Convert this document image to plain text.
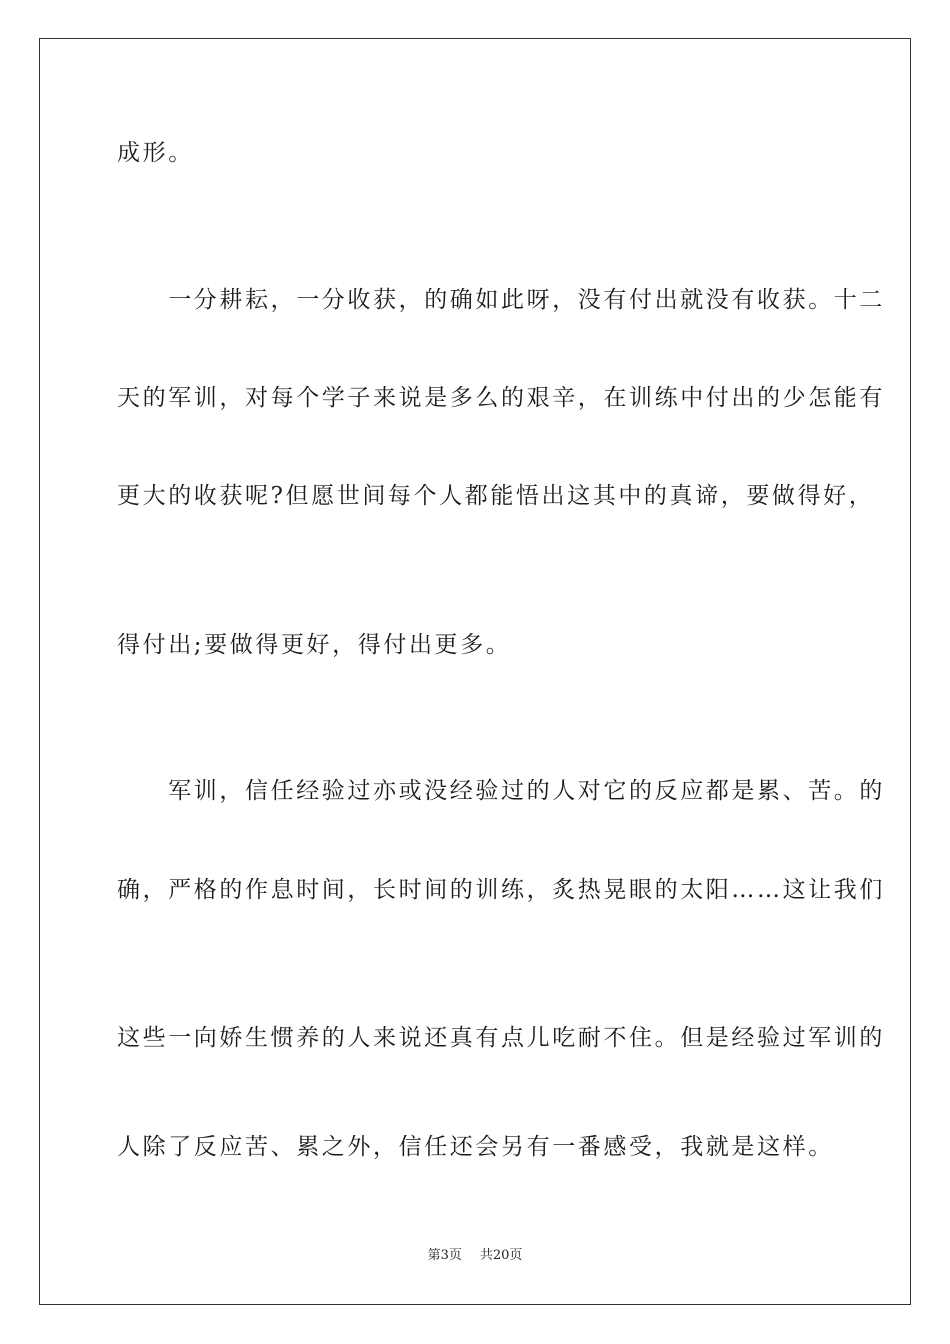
成形。
　　一分耕耘，一分收获，的确如此呀，没有付出就没有收获。十二
天的军训，对每个学子来说是多么的艰辛，在训练中付出的少怎能有
更大的收获呢?但愿世间每个人都能悟出这其中的真谛，要做得好，
得付出;要做得更好，得付出更多。
　　军训，信任经验过亦或没经验过的人对它的反应都是累、苦。的
确，严格的作息时间，长时间的训练，炙热晃眼的太阳……这让我们
这些一向娇生惯养的人来说还真有点儿吃耐不住。但是经验过军训的
人除了反应苦、累之外，信任还会另有一番感受，我就是这样。
第3页 共20页
